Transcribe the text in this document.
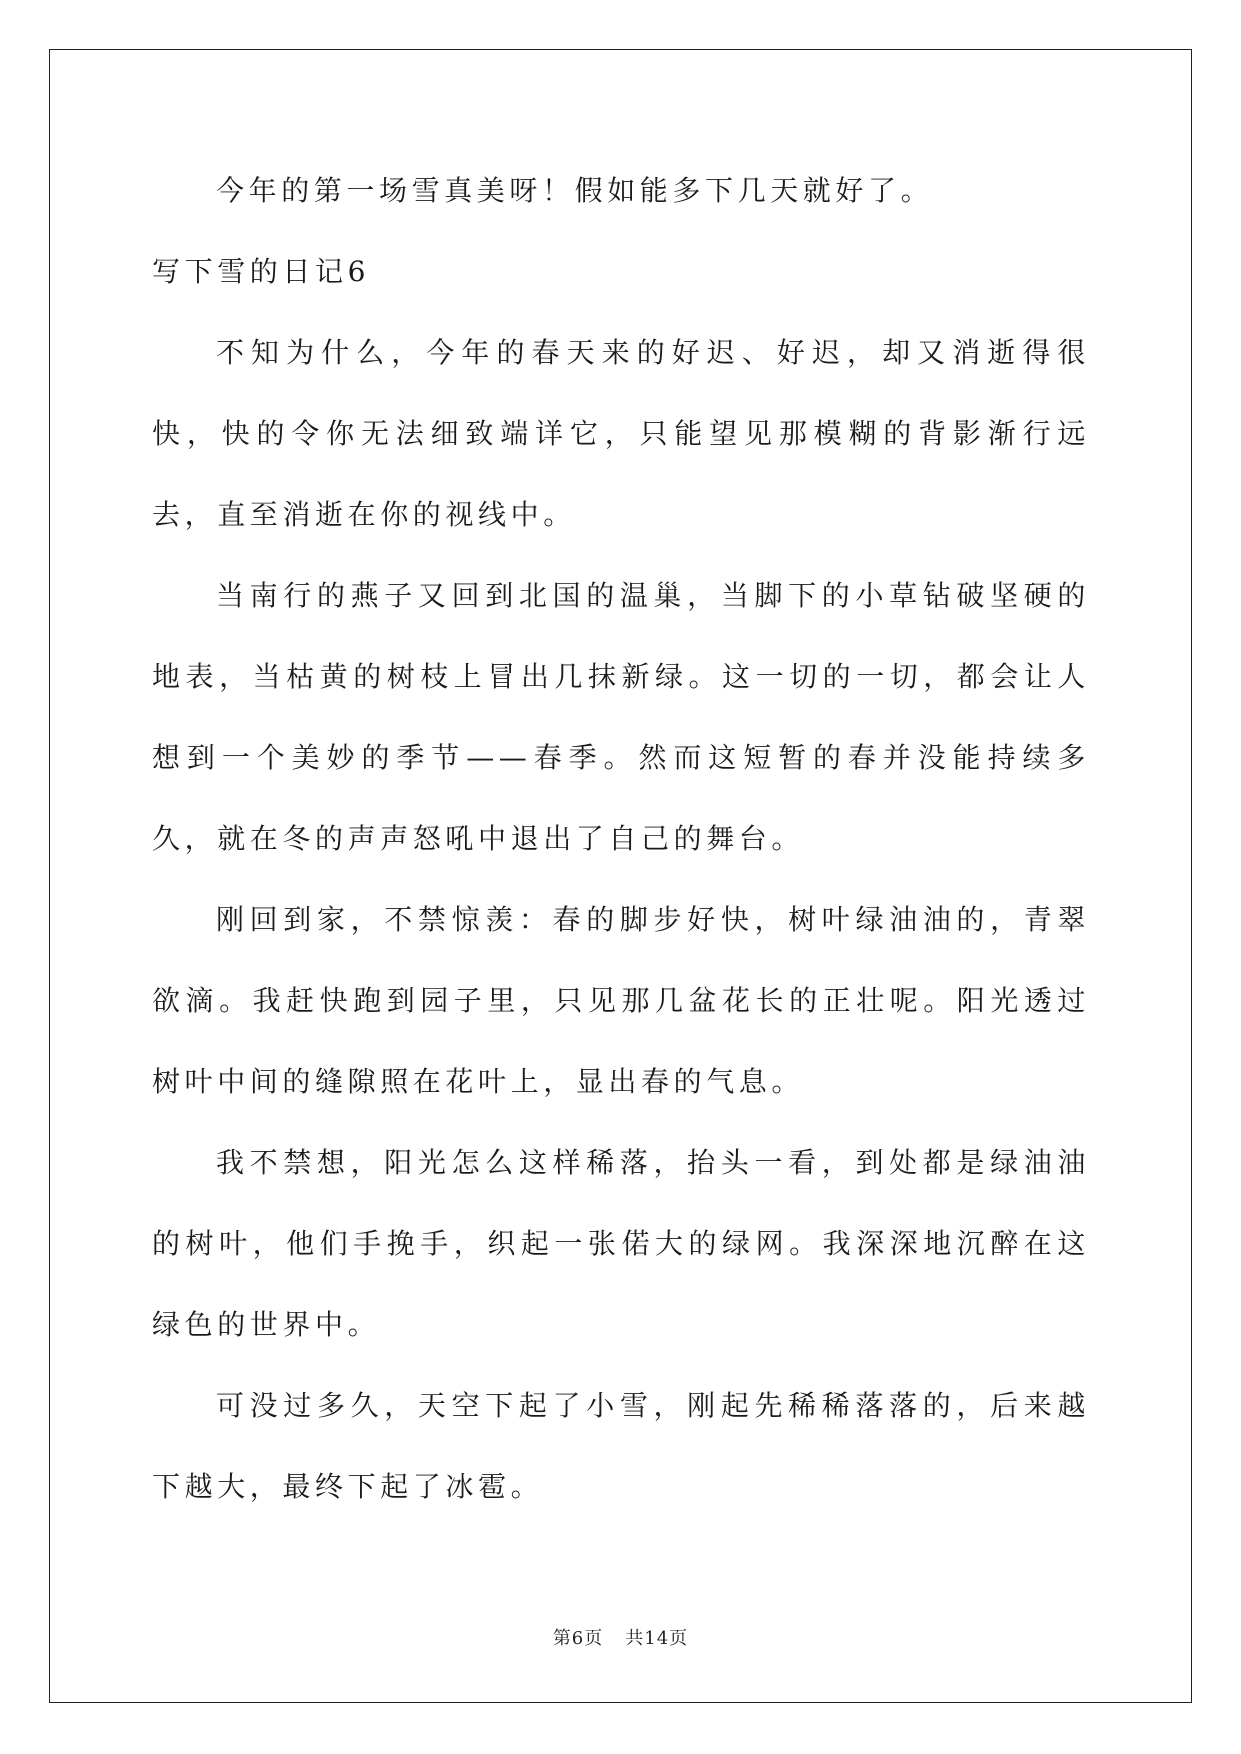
今年的第一场雪真美呀！假如能多下几天就好了。

写下雪的日记6

不知为什么，今年的春天来的好迟、好迟，却又消逝得很快，快的令你无法细致端详它，只能望见那模糊的背影渐行远去，直至消逝在你的视线中。

当南行的燕子又回到北国的温巢，当脚下的小草钻破坚硬的地表，当枯黄的树枝上冒出几抹新绿。这一切的一切，都会让人想到一个美妙的季节——春季。然而这短暂的春并没能持续多久，就在冬的声声怒吼中退出了自己的舞台。

刚回到家，不禁惊羡：春的脚步好快，树叶绿油油的，青翠欲滴。我赶快跑到园子里，只见那几盆花长的正壮呢。阳光透过树叶中间的缝隙照在花叶上，显出春的气息。

我不禁想，阳光怎么这样稀落，抬头一看，到处都是绿油油的树叶，他们手挽手，织起一张偌大的绿网。我深深地沉醉在这绿色的世界中。

可没过多久，天空下起了小雪，刚起先稀稀落落的，后来越下越大，最终下起了冰雹。

第6页 共14页
